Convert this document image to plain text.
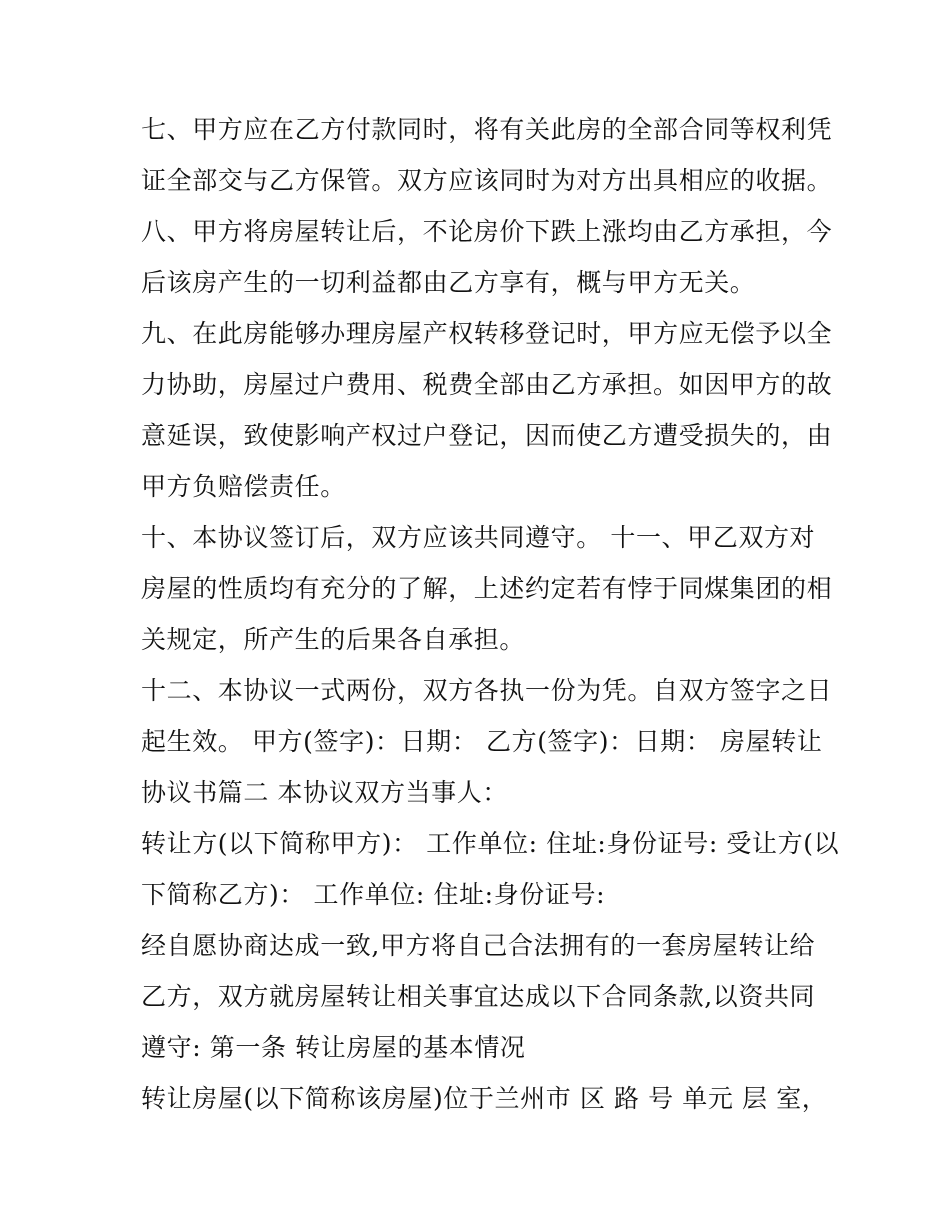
七、甲方应在乙方付款同时，将有关此房的全部合同等权利凭
证全部交与乙方保管。双方应该同时为对方出具相应的收据。
八、甲方将房屋转让后，不论房价下跌上涨均由乙方承担，今
后该房产生的一切利益都由乙方享有，概与甲方无关。
九、在此房能够办理房屋产权转移登记时，甲方应无偿予以全
力协助，房屋过户费用、税费全部由乙方承担。如因甲方的故
意延误，致使影响产权过户登记，因而使乙方遭受损失的，由
甲方负赔偿责任。
十、本协议签订后，双方应该共同遵守。 十一、甲乙双方对
房屋的性质均有充分的了解，上述约定若有悖于同煤集团的相
关规定，所产生的后果各自承担。
十二、本协议一式两份，双方各执一份为凭。自双方签字之日
起生效。 甲方(签字)：日期： 乙方(签字)：日期： 房屋转让
协议书篇二 本协议双方当事人：
转让方(以下简称甲方)： 工作单位: 住址:身份证号: 受让方(以
下简称乙方)： 工作单位: 住址:身份证号:
经自愿协商达成一致,甲方将自己合法拥有的一套房屋转让给
乙方，双方就房屋转让相关事宜达成以下合同条款,以资共同
遵守: 第一条 转让房屋的基本情况
转让房屋(以下简称该房屋)位于兰州市 区 路 号 单元 层 室，
